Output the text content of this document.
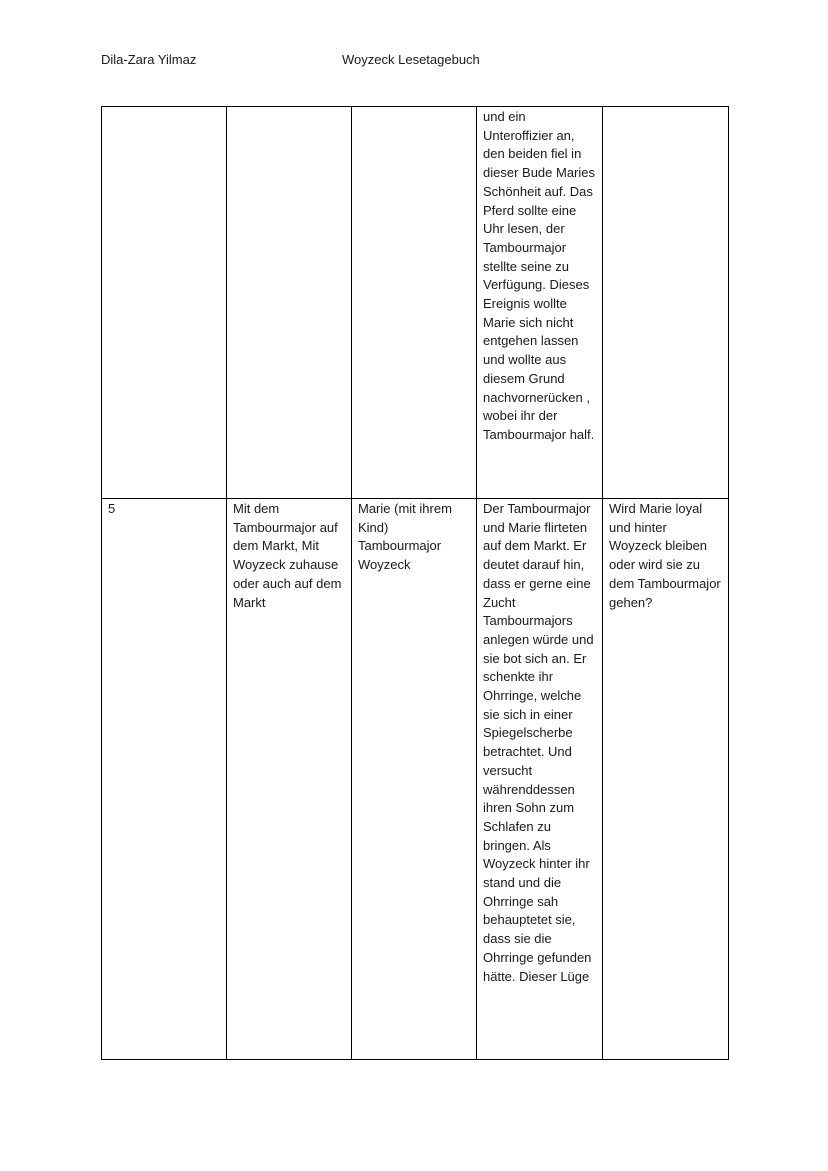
Dila-Zara Yilmaz	Woyzeck Lesetagebuch

			und ein Unteroffizier an, den beiden fiel in dieser Bude Maries Schönheit auf. Das Pferd sollte eine Uhr lesen, der Tambourmajor stellte seine zu Verfügung. Dieses Ereignis wollte Marie sich nicht entgehen lassen und wollte aus diesem Grund nachvornerücken , wobei ihr der Tambourmajor half.	

5	Mit dem Tambourmajor auf dem Markt, Mit Woyzeck zuhause oder auch auf dem Markt	Marie (mit ihrem Kind) Tambourmajor Woyzeck	Der Tambourmajor und Marie flirteten auf dem Markt. Er deutet darauf hin, dass er gerne eine Zucht Tambourmajors anlegen würde und sie bot sich an. Er schenkte ihr Ohrringe, welche sie sich in einer Spiegelscherbe betrachtet. Und versucht währenddessen ihren Sohn zum Schlafen zu bringen. Als Woyzeck hinter ihr stand und die Ohrringe sah behauptetet sie, dass sie die Ohrringe gefunden hätte. Dieser Lüge	Wird Marie loyal und hinter Woyzeck bleiben oder wird sie zu dem Tambourmajor gehen?
